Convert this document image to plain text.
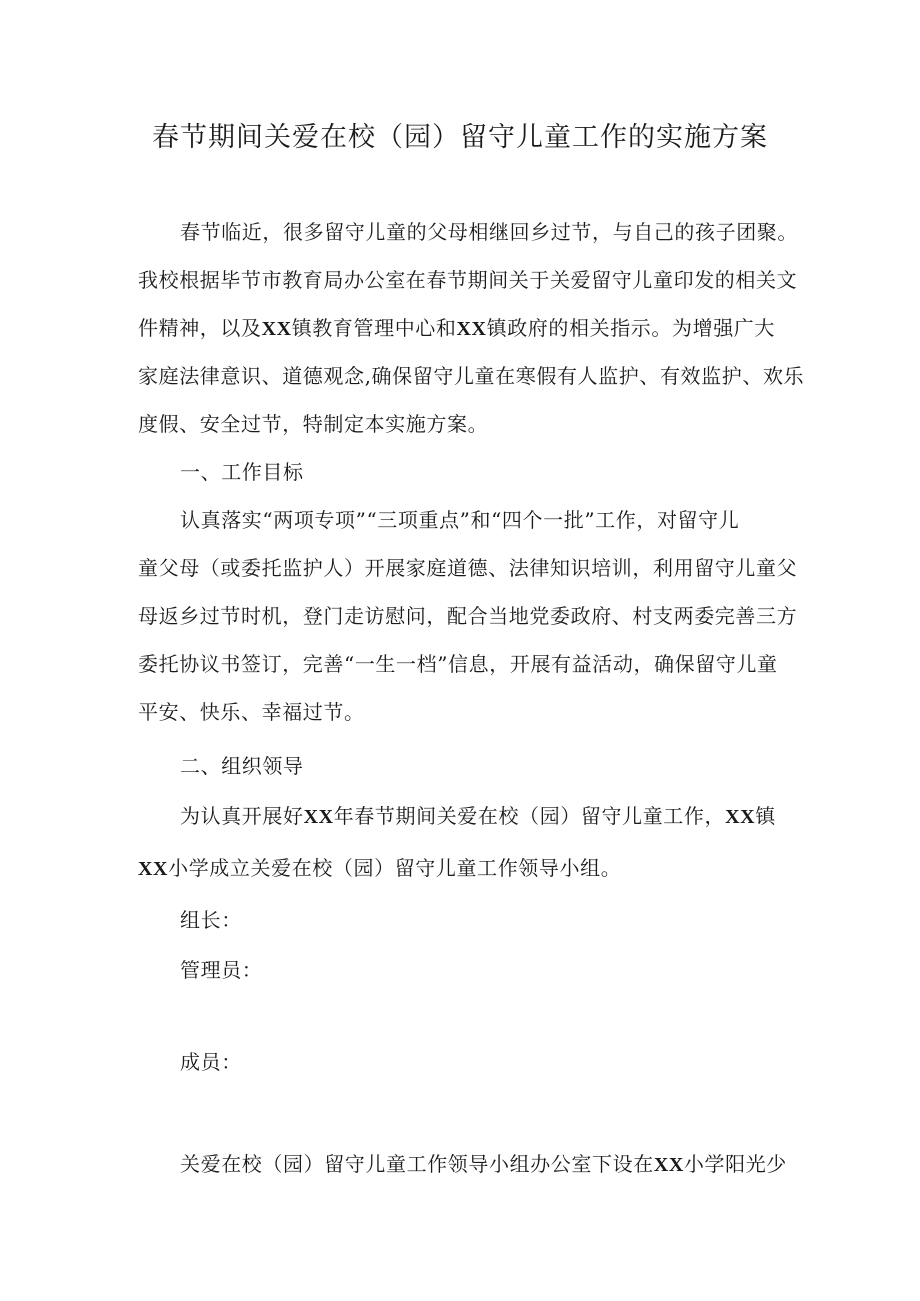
春节期间关爱在校（园）留守儿童工作的实施方案
春节临近，很多留守儿童的父母相继回乡过节，与自己的孩子团聚。
我校根据毕节市教育局办公室在春节期间关于关爱留守儿童印发的相关文
件精神，以及XX镇教育管理中心和XX镇政府的相关指示。为增强广大
家庭法律意识、道德观念,确保留守儿童在寒假有人监护、有效监护、欢乐
度假、安全过节，特制定本实施方案。
一、工作目标
认真落实“两项专项”“三项重点”和“四个一批”工作，对留守儿
童父母（或委托监护人）开展家庭道德、法律知识培训，利用留守儿童父
母返乡过节时机，登门走访慰问，配合当地党委政府、村支两委完善三方
委托协议书签订，完善“一生一档”信息，开展有益活动，确保留守儿童
平安、快乐、幸福过节。
二、组织领导
为认真开展好XX年春节期间关爱在校（园）留守儿童工作，XX镇
XX小学成立关爱在校（园）留守儿童工作领导小组。
组长：
管理员：
成员：
关爱在校（园）留守儿童工作领导小组办公室下设在XX小学阳光少
